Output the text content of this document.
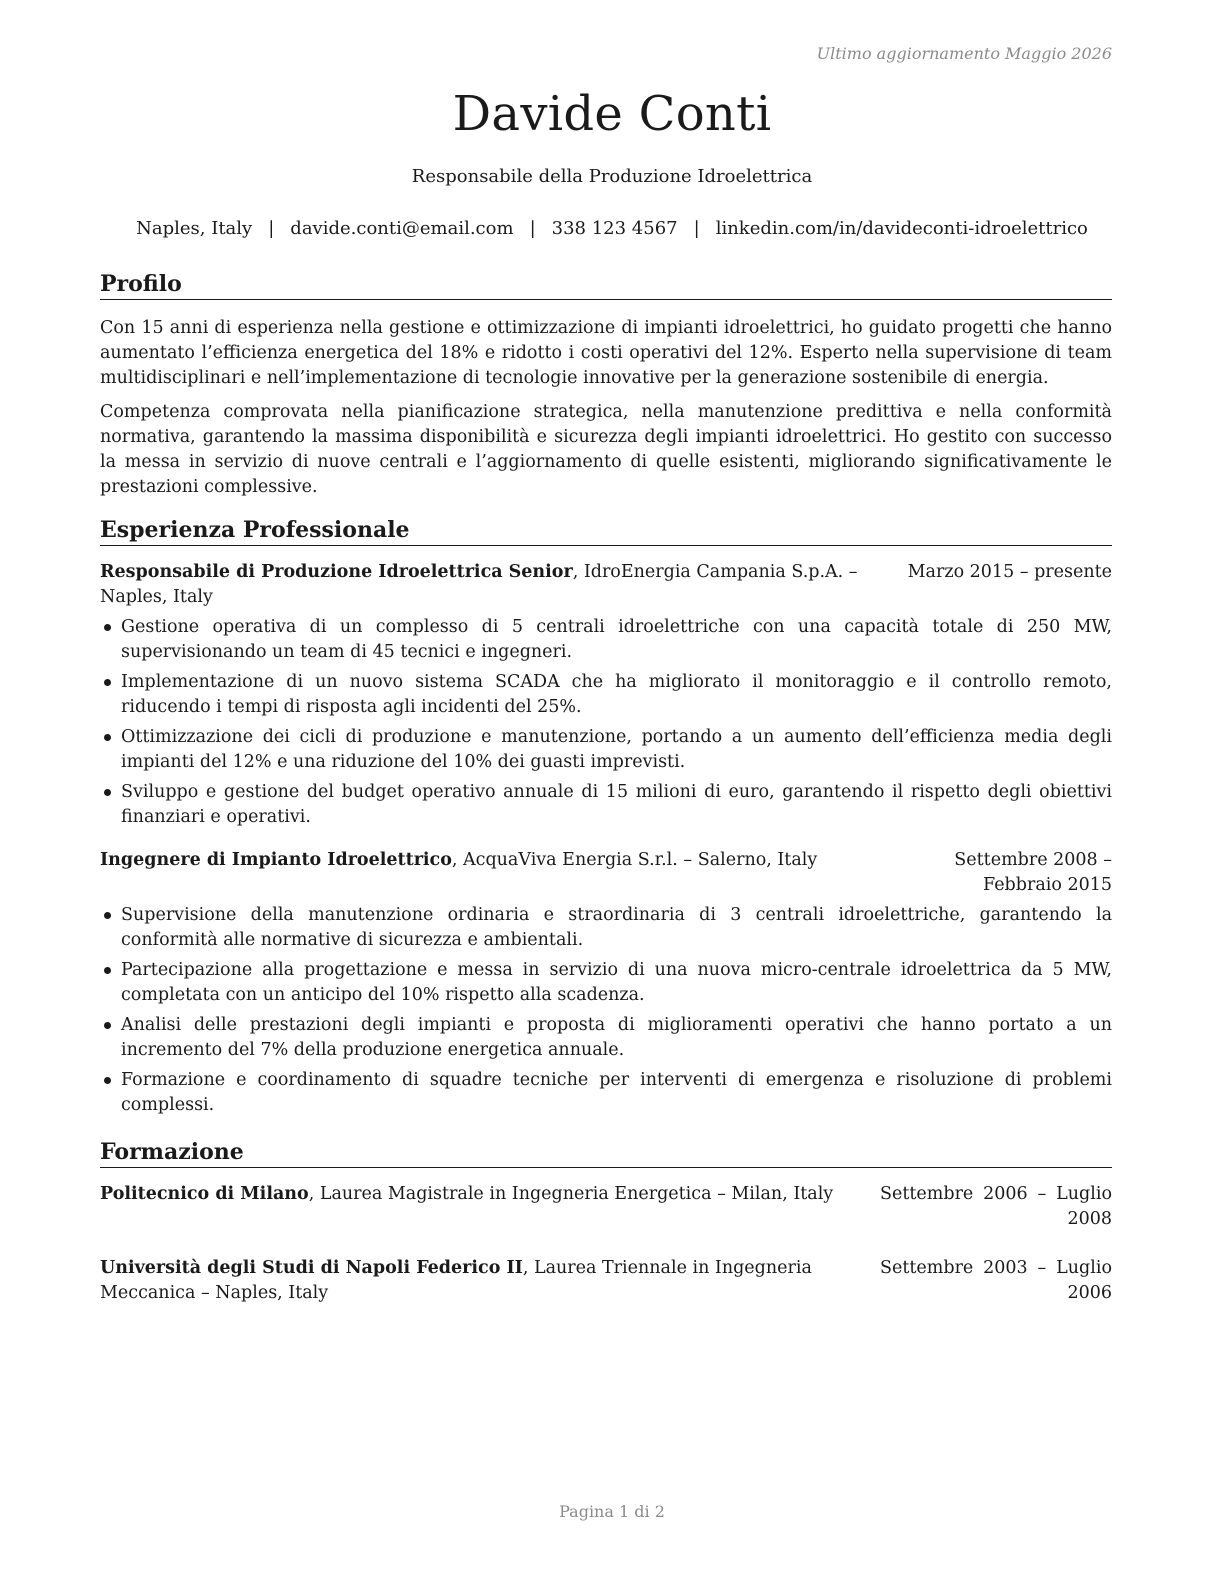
Ultimo aggiornamento Maggio 2026
Davide Conti
Responsabile della Produzione Idroelettrica
Naples, Italy | davide.conti@email.com | 338 123 4567 | linkedin.com/in/davideconti-idroelettrico
Profilo

Con 15 anni di esperienza nella gestione e ottimizzazione di impianti idroelettrici, ho guidato progetti che hanno aumentato l’efficienza energetica del 18% e ridotto i costi operativi del 12%. Esperto nella supervisione di team multidisciplinari e nell’implementazione di tecnologie innovative per la generazione sostenibile di energia.

Competenza comprovata nella pianificazione strategica, nella manutenzione predittiva e nella conformità normativa, garantendo la massima disponibilità e sicurezza degli impianti idroelettrici. Ho gestito con successo la messa in servizio di nuove centrali e l’aggiornamento di quelle esistenti, migliorando significativamente le prestazioni complessive.

Esperienza Professionale
Responsabile di Produzione Idroelettrica Senior, IdroEnergia Campania S.p.A. – Naples, Italy
Marzo 2015 – presente
Gestione operativa di un complesso di 5 centrali idroelettriche con una capacità totale di 250 MW, supervisionando un team di 45 tecnici e ingegneri.
Implementazione di un nuovo sistema SCADA che ha migliorato il monitoraggio e il controllo remoto, riducendo i tempi di risposta agli incidenti del 25%.
Ottimizzazione dei cicli di produzione e manutenzione, portando a un aumento dell’efficienza media degli impianti del 12% e una riduzione del 10% dei guasti imprevisti.
Sviluppo e gestione del budget operativo annuale di 15 milioni di euro, garantendo il rispetto degli obiettivi finanziari e operativi.
Ingegnere di Impianto Idroelettrico, AcquaViva Energia S.r.l. – Salerno, Italy	Settembre 2008 – Febbraio 2015
Supervisione della manutenzione ordinaria e straordinaria di 3 centrali idroelettriche, garantendo la conformità alle normative di sicurezza e ambientali.
Partecipazione alla progettazione e messa in servizio di una nuova micro-centrale idroelettrica da 5 MW, completata con un anticipo del 10% rispetto alla scadenza.
Analisi delle prestazioni degli impianti e proposta di miglioramenti operativi che hanno portato a un incremento del 7% della produzione energetica annuale.
Formazione e coordinamento di squadre tecniche per interventi di emergenza e risoluzione di problemi complessi.
Formazione
Politecnico di Milano, Laurea Magistrale in Ingegneria Energetica – Milan, Italy	Settembre 2006 – Luglio 2008
Università degli Studi di Napoli Federico II, Laurea Triennale in Ingegneria Meccanica – Naples, Italy
Settembre 2003 – Luglio 2006
Pagina 1 di 2
